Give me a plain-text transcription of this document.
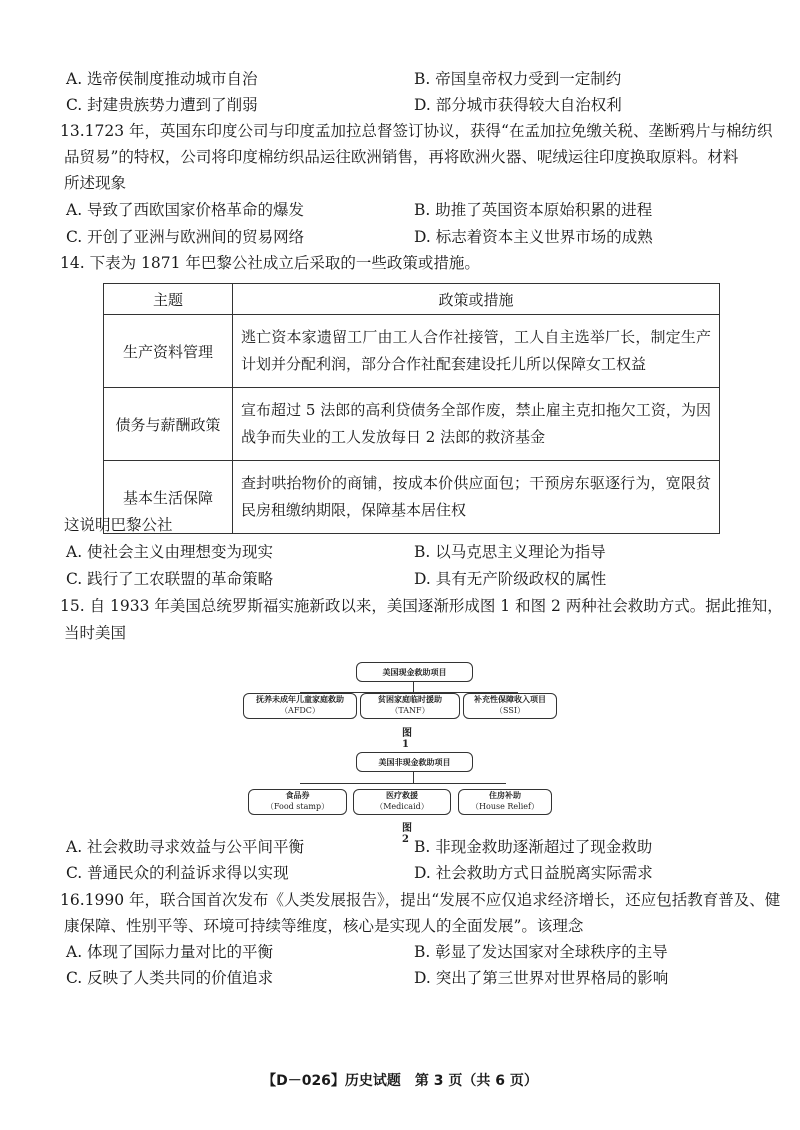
A. 选帝侯制度推动城市自治	B. 帝国皇帝权力受到一定制约
C. 封建贵族势力遭到了削弱	D. 部分城市获得较大自治权利
13.1723 年，英国东印度公司与印度孟加拉总督签订协议，获得“在孟加拉免缴关税、垄断鸦片与棉纺织
品贸易”的特权，公司将印度棉纺织品运往欧洲销售，再将欧洲火器、呢绒运往印度换取原料。材料
所述现象
A. 导致了西欧国家价格革命的爆发	B. 助推了英国资本原始积累的进程
C. 开创了亚洲与欧洲间的贸易网络	D. 标志着资本主义世界市场的成熟
14. 下表为 1871 年巴黎公社成立后采取的一些政策或措施。
主题	政策或措施
生产资料管理	逃亡资本家遗留工厂由工人合作社接管，工人自主选举厂长，制定生产计划并分配利润，部分合作社配套建设托儿所以保障女工权益
债务与薪酬政策	宣布超过 5 法郎的高利贷债务全部作废，禁止雇主克扣拖欠工资，为因战争而失业的工人发放每日 2 法郎的救济基金
基本生活保障	查封哄抬物价的商铺，按成本价供应面包；干预房东驱逐行为，宽限贫民房租缴纳期限，保障基本居住权
这说明巴黎公社
A. 使社会主义由理想变为现实	B. 以马克思主义理论为指导
C. 践行了工农联盟的革命策略	D. 具有无产阶级政权的属性
15. 自 1933 年美国总统罗斯福实施新政以来，美国逐渐形成图 1 和图 2 两种社会救助方式。据此推知，
当时美国
美国现金救助项目
抚养未成年儿童家庭救助
（AFDC）
贫困家庭临时援助
（TANF）
补充性保障收入项目
（SSI）
图1
美国非现金救助项目
食品券
（Food stamp）
医疗救援
（Medicaid）
住房补助
（House Relief）
图2
A. 社会救助寻求效益与公平间平衡	B. 非现金救助逐渐超过了现金救助
C. 普通民众的利益诉求得以实现	D. 社会救助方式日益脱离实际需求
16.1990 年，联合国首次发布《人类发展报告》，提出“发展不应仅追求经济增长，还应包括教育普及、健
康保障、性别平等、环境可持续等维度，核心是实现人的全面发展”。该理念
A. 体现了国际力量对比的平衡	B. 彰显了发达国家对全球秩序的主导
C. 反映了人类共同的价值追求	D. 突出了第三世界对世界格局的影响
【D－026】历史试题　第 3 页（共 6 页）
